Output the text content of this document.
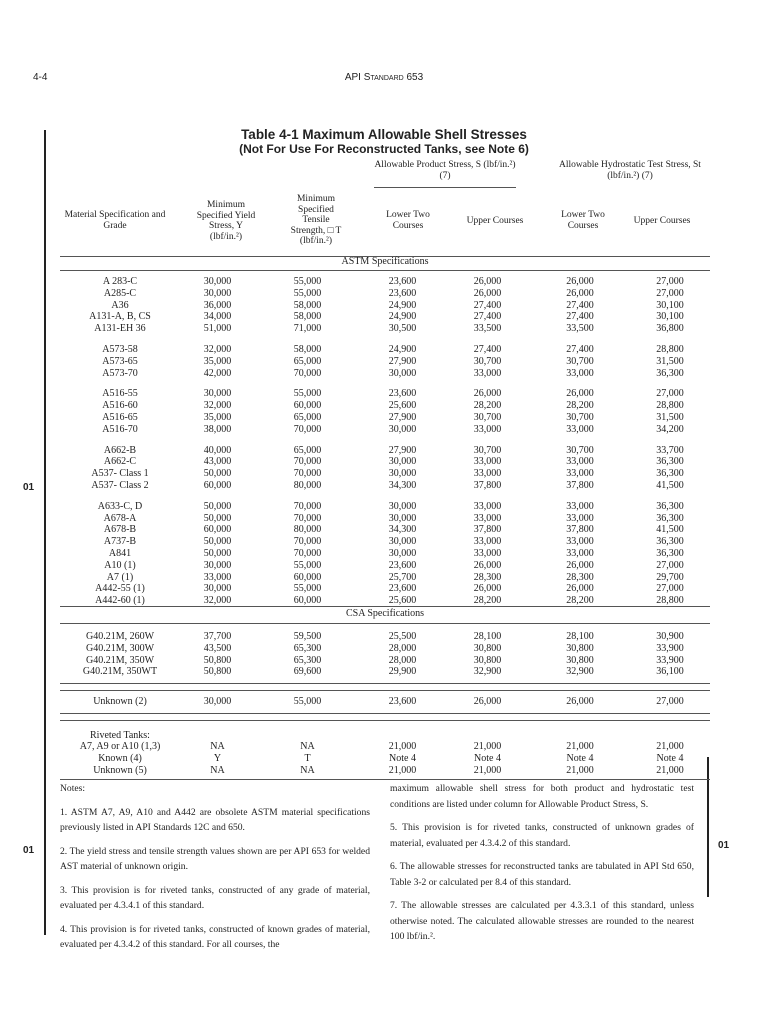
4-4	API Standard 653
01
01	01
Table 4-1 Maximum Allowable Shell Stresses
(Not For Use For Reconstructed Tanks, see Note 6)
Allowable Product Stress, S (lbf/in.²) (7)
Allowable Hydrostatic Test Stress, St (lbf/in.²) (7)
Material Specification and Grade
Minimum Specified Yield Stress, Y (lbf/in.²)
Minimum Specified Tensile Strength, □ T (lbf/in.²)
Lower Two Courses	Upper Courses
Lower Two Courses	Upper Courses
ASTM Specifications
A 283-C	30,000	55,000	23,600	26,000	26,000	27,000
A285-C	30,000	55,000	23,600	26,000	26,000	27,000
A36	36,000	58,000	24,900	27,400	27,400	30,100
A131-A, B, CS	34,000	58,000	24,900	27,400	27,400	30,100
A131-EH 36	51,000	71,000	30,500	33,500	33,500	36,800

A573-58	32,000	58,000	24,900	27,400	27,400	28,800
A573-65	35,000	65,000	27,900	30,700	30,700	31,500
A573-70	42,000	70,000	30,000	33,000	33,000	36,300

A516-55	30,000	55,000	23,600	26,000	26,000	27,000
A516-60	32,000	60,000	25,600	28,200	28,200	28,800
A516-65	35,000	65,000	27,900	30,700	30,700	31,500
A516-70	38,000	70,000	30,000	33,000	33,000	34,200

A662-B	40,000	65,000	27,900	30,700	30,700	33,700
A662-C	43,000	70,000	30,000	33,000	33,000	36,300
A537- Class 1	50,000	70,000	30,000	33,000	33,000	36,300
A537- Class 2	60,000	80,000	34,300	37,800	37,800	41,500

A633-C, D	50,000	70,000	30,000	33,000	33,000	36,300
A678-A	50,000	70,000	30,000	33,000	33,000	36,300
A678-B	60,000	80,000	34,300	37,800	37,800	41,500
A737-B	50,000	70,000	30,000	33,000	33,000	36,300
A841	50,000	70,000	30,000	33,000	33,000	36,300
A10 (1)	30,000	55,000	23,600	26,000	26,000	27,000
A7 (1)	33,000	60,000	25,700	28,300	28,300	29,700
A442-55 (1)	30,000	55,000	23,600	26,000	26,000	27,000
A442-60 (1)	32,000	60,000	25,600	28,200	28,200	28,800
CSA Specifications
G40.21M, 260W	37,700	59,500	25,500	28,100	28,100	30,900
G40.21M, 300W	43,500	65,300	28,000	30,800	30,800	33,900
G40.21M, 350W	50,800	65,300	28,000	30,800	30,800	33,900
G40.21M, 350WT	50,800	69,600	29,900	32,900	32,900	36,100
Unknown (2)	30,000	55,000	23,600	26,000	26,000	27,000
Riveted Tanks:
A7, A9 or A10 (1,3)	NA	NA	21,000	21,000	21,000	21,000
Known (4)	Y	T	Note 4	Note 4	Note 4	Note 4
Unknown (5)	NA	NA	21,000	21,000	21,000	21,000

Notes:

1. ASTM A7, A9, A10 and A442 are obsolete ASTM material specifications previously listed in API Standards 12C and 650.

2. The yield stress and tensile strength values shown are per API 653 for welded AST material of unknown origin.

3. This provision is for riveted tanks, constructed of any grade of material, evaluated per 4.3.4.1 of this standard.

4. This provision is for riveted tanks, constructed of known grades of material, evaluated per 4.3.4.2 of this standard. For all courses, the

maximum allowable shell stress for both product and hydrostatic test conditions are listed under column for Allowable Product Stress, S.

5. This provision is for riveted tanks, constructed of unknown grades of material, evaluated per 4.3.4.2 of this standard.

6. The allowable stresses for reconstructed tanks are tabulated in API Std 650, Table 3-2 or calculated per 8.4 of this standard.

7. The allowable stresses are calculated per 4.3.3.1 of this standard, unless otherwise noted. The calculated allowable stresses are rounded to the nearest 100 lbf/in.².
